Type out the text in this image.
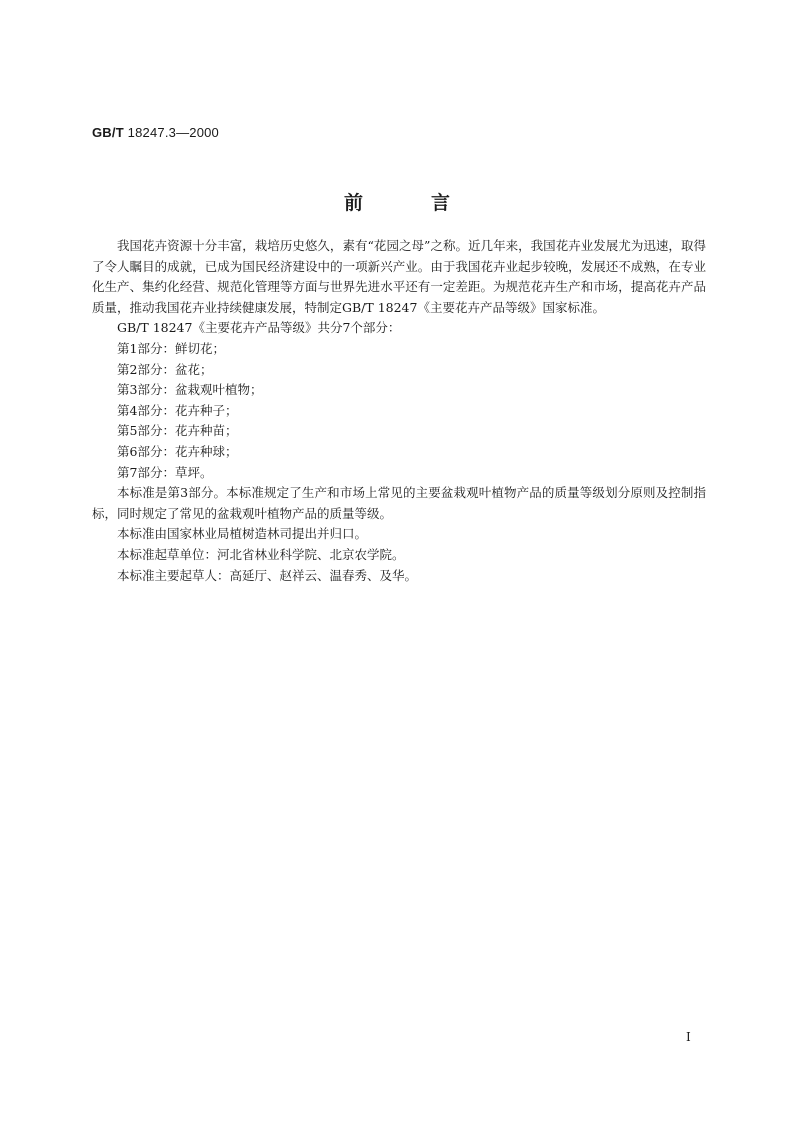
GB/T 18247.3—2000
前言

我国花卉资源十分丰富，栽培历史悠久，素有“花园之母”之称。近几年来，我国花卉业发展尤为迅速，取得了令人瞩目的成就，已成为国民经济建设中的一项新兴产业。由于我国花卉业起步较晚，发展还不成熟，在专业化生产、集约化经营、规范化管理等方面与世界先进水平还有一定差距。为规范花卉生产和市场，提高花卉产品质量，推动我国花卉业持续健康发展，特制定GB/T 18247《主要花卉产品等级》国家标准。

GB/T 18247《主要花卉产品等级》共分7个部分：

第1部分：鲜切花；

第2部分：盆花；

第3部分：盆栽观叶植物；

第4部分：花卉种子；

第5部分：花卉种苗；

第6部分：花卉种球；

第7部分：草坪。

本标准是第3部分。本标准规定了生产和市场上常见的主要盆栽观叶植物产品的质量等级划分原则及控制指标，同时规定了常见的盆栽观叶植物产品的质量等级。

本标准由国家林业局植树造林司提出并归口。

本标准起草单位：河北省林业科学院、北京农学院。

本标准主要起草人：高延厅、赵祥云、温春秀、及华。

I
